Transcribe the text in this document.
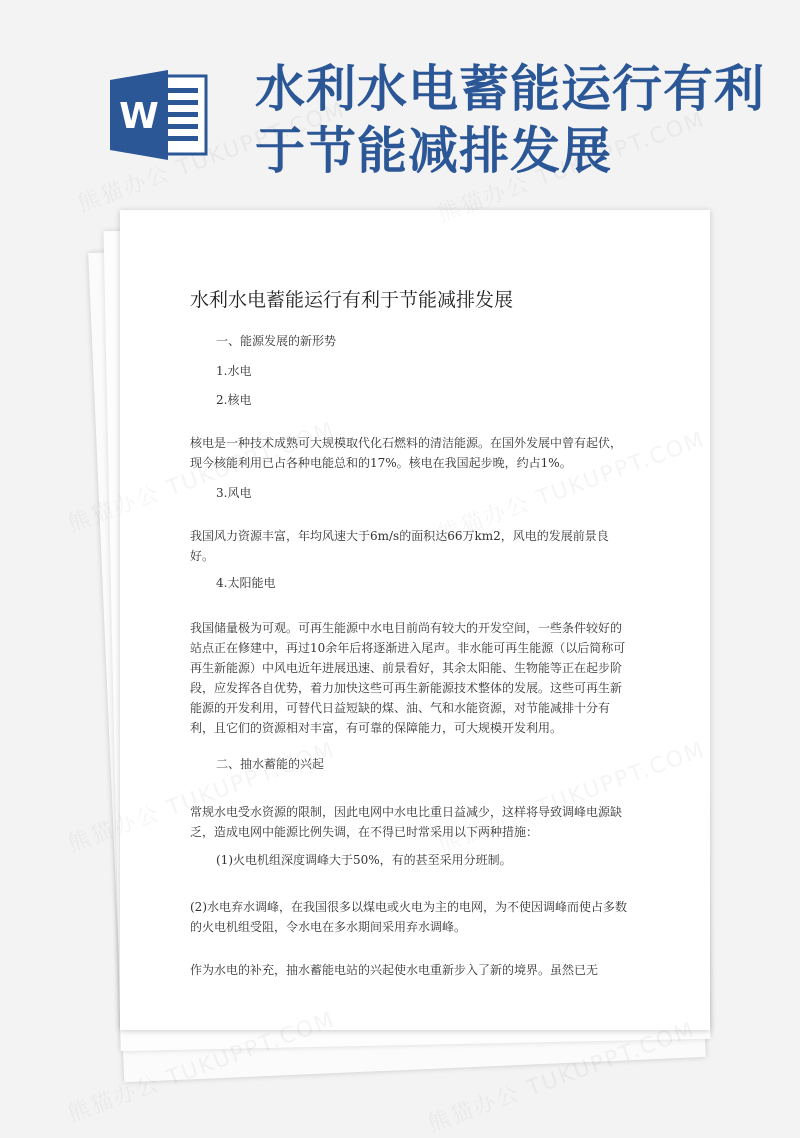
W 水利水电蓄能运行有利于节能减排发展
水利水电蓄能运行有利于节能减排发展
一、能源发展的新形势
1.水电
2.核电
核电是一种技术成熟可大规模取代化石燃料的清洁能源。在国外发展中曾有起伏，现今核能利用已占各种电能总和的17%。核电在我国起步晚，约占1%。
3.风电
我国风力资源丰富，年均风速大于6m/s的面积达66万km2，风电的发展前景良好。
4.太阳能电
我国储量极为可观。可再生能源中水电目前尚有较大的开发空间，一些条件较好的站点正在修建中，再过10余年后将逐渐进入尾声。非水能可再生能源（以后简称可再生新能源）中风电近年进展迅速、前景看好，其余太阳能、生物能等正在起步阶段，应发挥各自优势，着力加快这些可再生新能源技术整体的发展。这些可再生新能源的开发利用，可替代日益短缺的煤、油、气和水能资源，对节能减排十分有利，且它们的资源相对丰富，有可靠的保障能力，可大规模开发利用。
二、抽水蓄能的兴起
常规水电受水资源的限制，因此电网中水电比重日益减少，这样将导致调峰电源缺乏，造成电网中能源比例失调，在不得已时常采用以下两种措施：
(1)火电机组深度调峰大于50%，有的甚至采用分班制。
(2)水电弃水调峰，在我国很多以煤电或火电为主的电网，为不使因调峰而使占多数的火电机组受阻，令水电在多水期间采用弃水调峰。
作为水电的补充，抽水蓄能电站的兴起使水电重新步入了新的境界。虽然已无
